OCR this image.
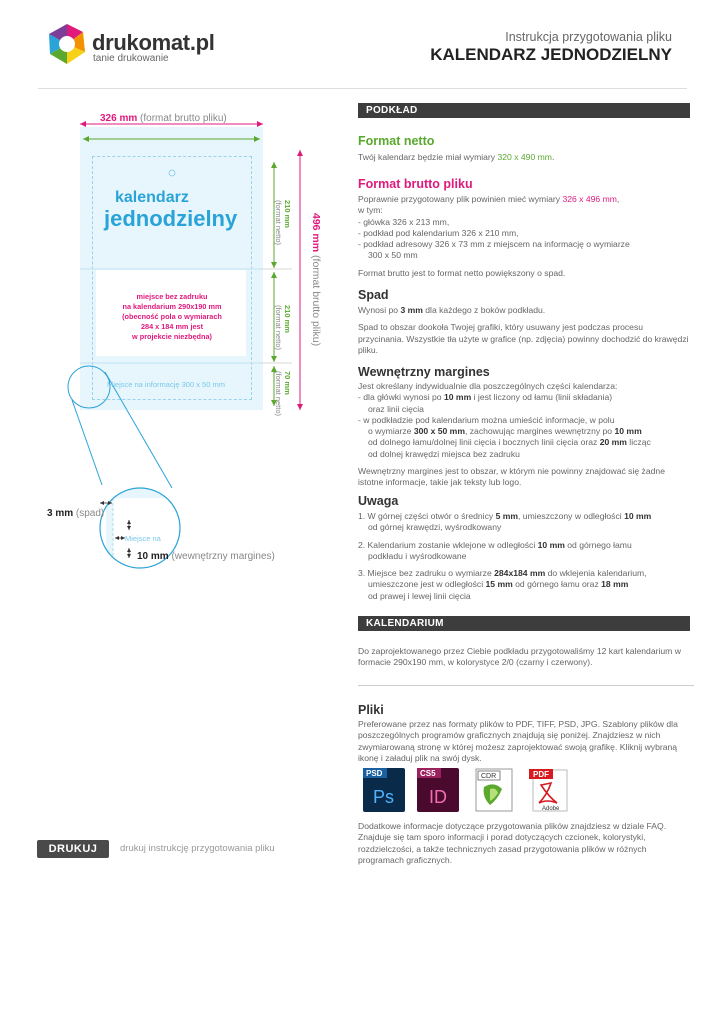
drukomat.pl
tanie drukowanie
Instrukcja przygotowania pliku
KALENDARZ JEDNODZIELNY
326 mm (format brutto pliku)
kalendarz
jednodzielny
miejsce bez zadruku
na kalendarium 290x190 mm
(obecność pola o wymiarach
284 x 184 mm jest
w projekcie niezbędna)
Miejsce na informację 300 x 50 mm
210 mm
(format netto)
210 mm
(format netto)
70 mm
(format netto)
496 mm (format brutto pliku)
Miejsce na
3 mm (spad)
10 mm (wewnętrzny margines)
PODKŁAD
Format netto
Twój kalendarz będzie miał wymiary 320 x 490 mm.
Format brutto pliku
Poprawnie przygotowany plik powinien mieć wymiary 326 x 496 mm,
w tym:
- główka 326 x 213 mm,
- podkład pod kalendarium 326 x 210 mm,
- podkład adresowy 326 x 73 mm z miejscem na informację o wymiarze
300 x 50 mm
Format brutto jest to format netto powiększony o spad.
Spad
Wynosi po 3 mm dla każdego z boków podkładu.
Spad to obszar dookoła Twojej grafiki, który usuwany jest podczas procesu przycinania. Wszystkie tła użyte w grafice (np. zdjęcia) powinny dochodzić do krawędzi pliku.
Wewnętrzny margines
Jest określany indywidualnie dla poszczególnych części kalendarza:
- dla główki wynosi po 10 mm i jest liczony od łamu (linii składania)
oraz linii cięcia
- w podkładzie pod kalendarium można umieścić informacje, w polu
o wymiarze 300 x 50 mm, zachowując margines wewnętrzny po 10 mm
od dolnego łamu/dolnej linii cięcia i bocznych linii cięcia oraz 20 mm licząc
od dolnej krawędzi miejsca bez zadruku
Wewnętrzny margines jest to obszar, w którym nie powinny znajdować się żadne istotne informacje, takie jak teksty lub logo.
Uwaga
1. W górnej części otwór o średnicy 5 mm, umieszczony w odległości 10 mm
od górnej krawędzi, wyśrodkowany
2. Kalendarium zostanie wklejone w odległości 10 mm od górnego łamu
podkładu i wyśrodkowane
3. Miejsce bez zadruku o wymiarze 284x184 mm do wklejenia kalendarium,
umieszczone jest w odległości 15 mm od górnego łamu oraz 18 mm
od prawej i lewej linii cięcia
KALENDARIUM
Do zaprojektowanego przez Ciebie podkładu przygotowaliśmy 12 kart kalendarium w formacie 290x190 mm, w kolorystyce 2/0 (czarny i czerwony).
Pliki
Preferowane przez nas formaty plików to PDF, TIFF, PSD, JPG. Szablony plików dla poszczególnych programów graficznych znajdują się poniżej. Znajdziesz w nich zwymiarowaną stronę w której możesz zaprojektować swoją grafikę. Kliknij wybraną ikonę i załaduj plik na swój dysk.
PSD
Ps
CS5
ID
CDR	PDF
Adobe
Dodatkowe informacje dotyczące przygotowania plików znajdziesz w dziale FAQ. Znajduje się tam sporo informacji i porad dotyczących czcionek, kolorystyki, rozdzielczości, a także technicznych zasad przygotowania plików w różnych programach graficznych.
DRUKUJ	drukuj instrukcję przygotowania pliku
